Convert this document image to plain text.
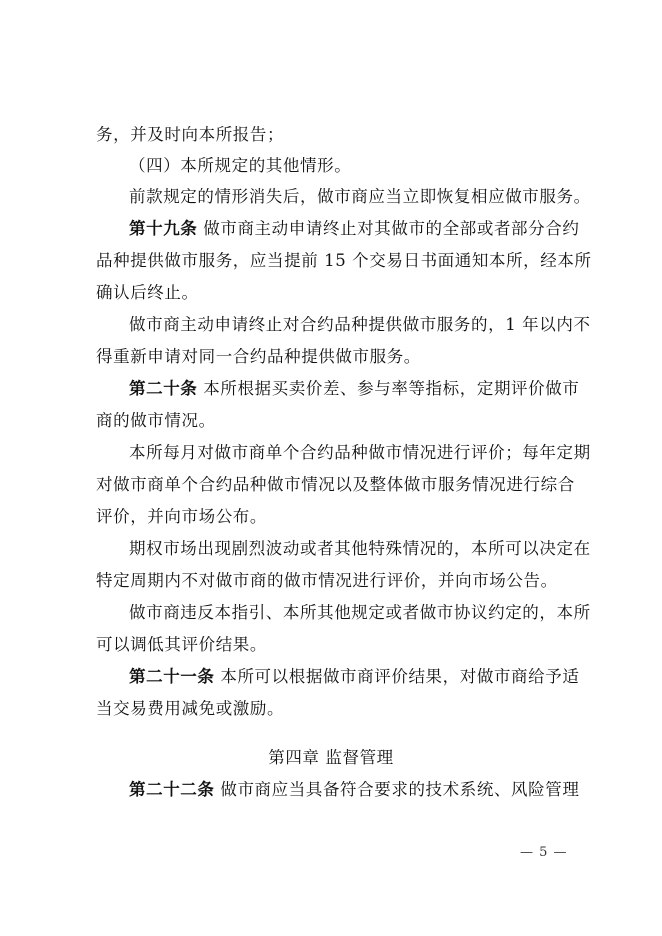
务，并及时向本所报告；
（四）本所规定的其他情形。
前款规定的情形消失后，做市商应当立即恢复相应做市服务。
第十九条 做市商主动申请终止对其做市的全部或者部分合约
品种提供做市服务，应当提前 15 个交易日书面通知本所，经本所
确认后终止。
做市商主动申请终止对合约品种提供做市服务的，1 年以内不
得重新申请对同一合约品种提供做市服务。
第二十条 本所根据买卖价差、参与率等指标，定期评价做市
商的做市情况。
本所每月对做市商单个合约品种做市情况进行评价；每年定期
对做市商单个合约品种做市情况以及整体做市服务情况进行综合
评价，并向市场公布。
期权市场出现剧烈波动或者其他特殊情况的，本所可以决定在
特定周期内不对做市商的做市情况进行评价，并向市场公告。
做市商违反本指引、本所其他规定或者做市协议约定的，本所
可以调低其评价结果。
第二十一条 本所可以根据做市商评价结果，对做市商给予适
当交易费用减免或激励。
第四章 监督管理
第二十二条 做市商应当具备符合要求的技术系统、风险管理
— 5 —
